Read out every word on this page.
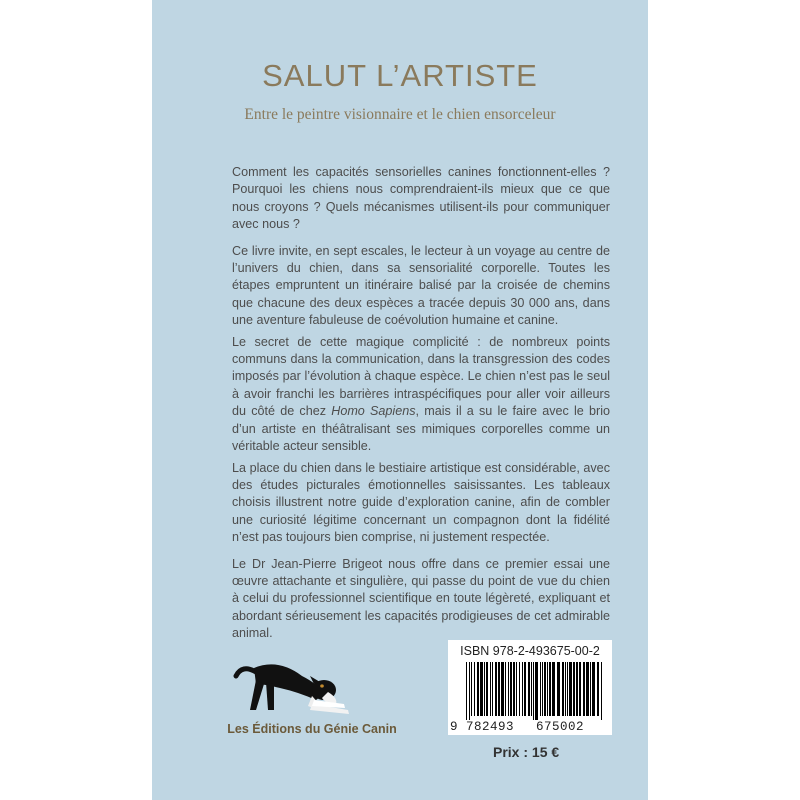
SALUT L’ARTISTE
Entre le peintre visionnaire et le chien ensorceleur

Comment les capacités sensorielles canines fonctionnent-elles ? Pourquoi les chiens nous comprendraient-ils mieux que ce que nous croyons ? Quels mécanismes utilisent-ils pour communiquer avec nous ?

Ce livre invite, en sept escales, le lecteur à un voyage au centre de l’univers du chien, dans sa sensorialité corporelle. Toutes les étapes empruntent un itinéraire balisé par la croisée de chemins que chacune des deux espèces a tracée depuis 30 000 ans, dans une aventure fabuleuse de coévolution humaine et canine.

Le secret de cette magique complicité : de nombreux points communs dans la communication, dans la transgression des codes imposés par l’évolution à chaque espèce. Le chien n’est pas le seul à avoir franchi les barrières intraspécifiques pour aller voir ailleurs du côté de chez Homo Sapiens, mais il a su le faire avec le brio d’un artiste en théâtralisant ses mimiques corporelles comme un véritable acteur sensible.

La place du chien dans le bestiaire artistique est considérable, avec des études picturales émotionnelles saisissantes. Les tableaux choisis illustrent notre guide d’exploration canine, afin de combler une curiosité légitime concernant un compagnon dont la fidélité n’est pas toujours bien comprise, ni justement respectée.

Le Dr Jean-Pierre Brigeot nous offre dans ce premier essai une œuvre attachante et singulière, qui passe du point de vue du chien à celui du professionnel scientifique en toute légèreté, expliquant et abordant sérieusement les capacités prodigieuses de cet admirable animal.

Les Éditions du Génie Canin
ISBN 978-2-493675-00-2
9 782493 675002
Prix : 15 €
